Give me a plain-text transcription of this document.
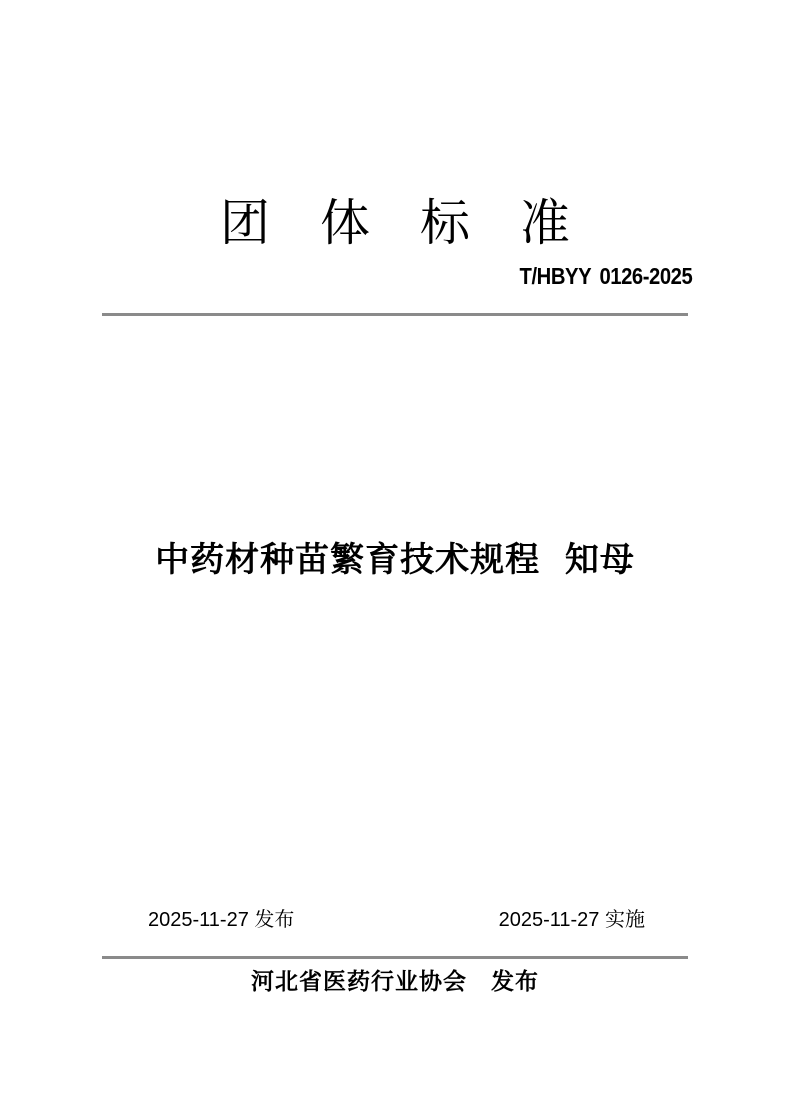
团　体　标　准
T/HBYY 0126-2025
中药材种苗繁育技术规程 知母
2025-11-27 发布	2025-11-27 实施
河北省医药行业协会　发布
